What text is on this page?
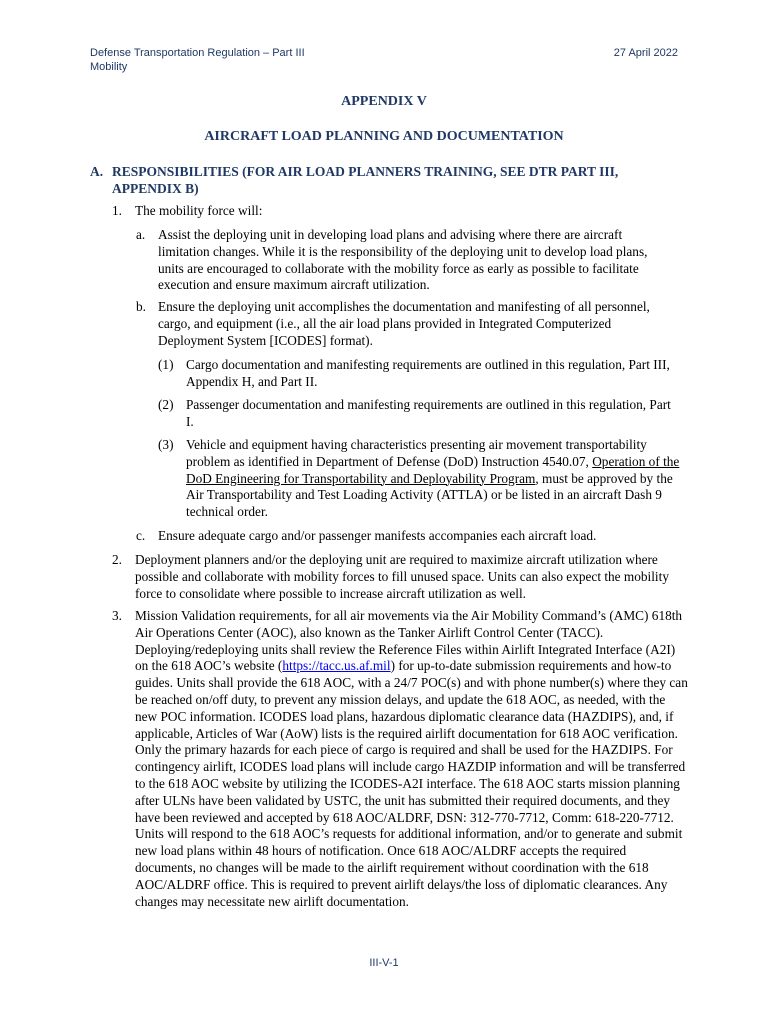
Defense Transportation Regulation – Part III
Mobility
27 April 2022
APPENDIX V
AIRCRAFT LOAD PLANNING AND DOCUMENTATION
A. RESPONSIBILITIES (FOR AIR LOAD PLANNERS TRAINING, SEE DTR PART III, APPENDIX B)
1. The mobility force will:
a. Assist the deploying unit in developing load plans and advising where there are aircraft limitation changes. While it is the responsibility of the deploying unit to develop load plans, units are encouraged to collaborate with the mobility force as early as possible to facilitate execution and ensure maximum aircraft utilization.
b. Ensure the deploying unit accomplishes the documentation and manifesting of all personnel, cargo, and equipment (i.e., all the air load plans provided in Integrated Computerized Deployment System [ICODES] format).
(1) Cargo documentation and manifesting requirements are outlined in this regulation, Part III, Appendix H, and Part II.
(2) Passenger documentation and manifesting requirements are outlined in this regulation, Part I.
(3) Vehicle and equipment having characteristics presenting air movement transportability problem as identified in Department of Defense (DoD) Instruction 4540.07, Operation of the DoD Engineering for Transportability and Deployability Program, must be approved by the Air Transportability and Test Loading Activity (ATTLA) or be listed in an aircraft Dash 9 technical order.
c. Ensure adequate cargo and/or passenger manifests accompanies each aircraft load.
2. Deployment planners and/or the deploying unit are required to maximize aircraft utilization where possible and collaborate with mobility forces to fill unused space. Units can also expect the mobility force to consolidate where possible to increase aircraft utilization as well.
3. Mission Validation requirements, for all air movements via the Air Mobility Command’s (AMC) 618th Air Operations Center (AOC), also known as the Tanker Airlift Control Center (TACC). Deploying/redeploying units shall review the Reference Files within Airlift Integrated Interface (A2I) on the 618 AOC’s website (https://tacc.us.af.mil) for up-to-date submission requirements and how-to guides. Units shall provide the 618 AOC, with a 24/7 POC(s) and with phone number(s) where they can be reached on/off duty, to prevent any mission delays, and update the 618 AOC, as needed, with the new POC information. ICODES load plans, hazardous diplomatic clearance data (HAZDIPS), and, if applicable, Articles of War (AoW) lists is the required airlift documentation for 618 AOC verification. Only the primary hazards for each piece of cargo is required and shall be used for the HAZDIPS. For contingency airlift, ICODES load plans will include cargo HAZDIP information and will be transferred to the 618 AOC website by utilizing the ICODES-A2I interface. The 618 AOC starts mission planning after ULNs have been validated by USTC, the unit has submitted their required documents, and they have been reviewed and accepted by 618 AOC/ALDRF, DSN: 312-770-7712, Comm: 618-220-7712. Units will respond to the 618 AOC’s requests for additional information, and/or to generate and submit new load plans within 48 hours of notification. Once 618 AOC/ALDRF accepts the required documents, no changes will be made to the airlift requirement without coordination with the 618 AOC/ALDRF office. This is required to prevent airlift delays/the loss of diplomatic clearances. Any changes may necessitate new airlift documentation.
III-V-1
